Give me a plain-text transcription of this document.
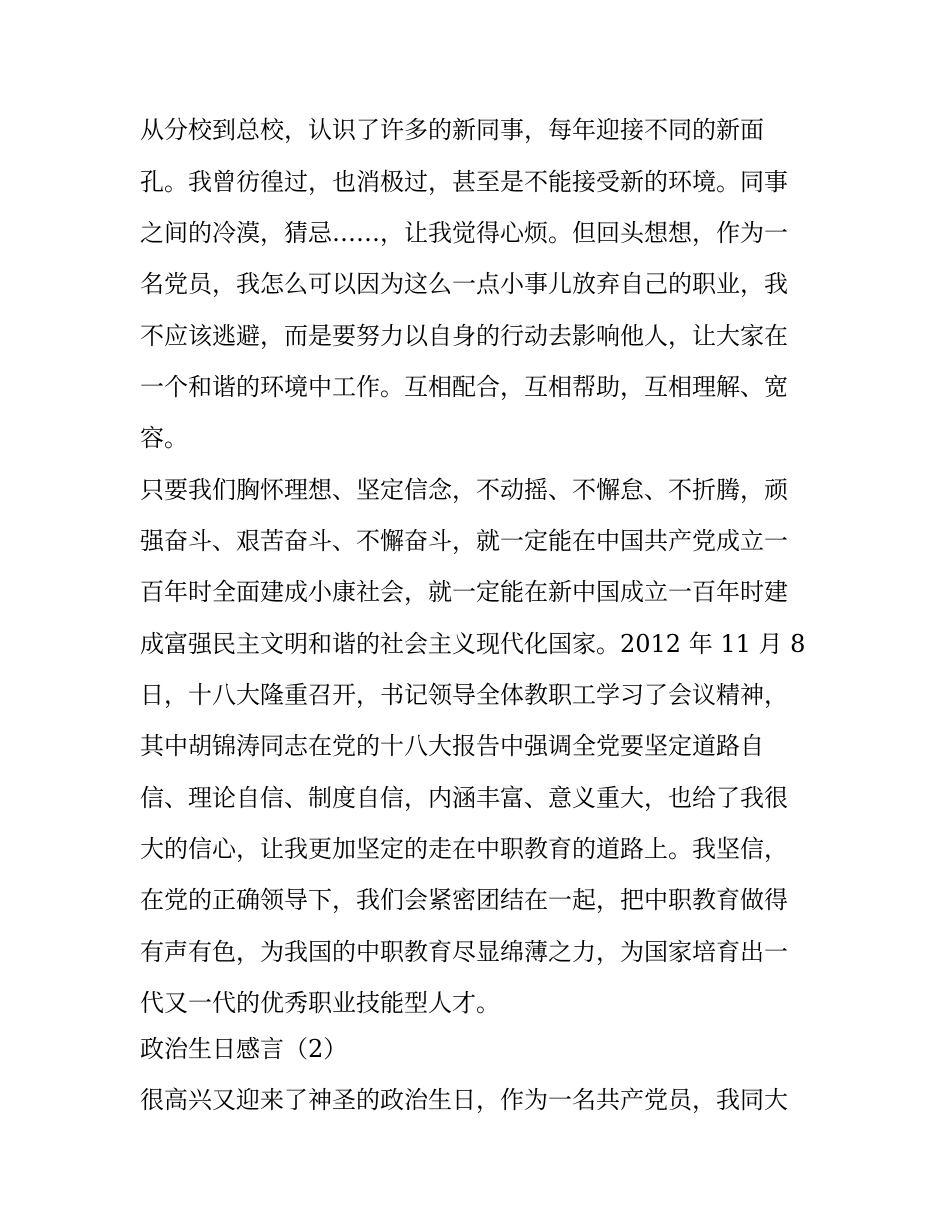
从分校到总校，认识了许多的新同事，每年迎接不同的新面
孔。我曾彷徨过，也消极过，甚至是不能接受新的环境。同事
之间的冷漠，猜忌……，让我觉得心烦。但回头想想，作为一
名党员，我怎么可以因为这么一点小事儿放弃自己的职业，我
不应该逃避，而是要努力以自身的行动去影响他人，让大家在
一个和谐的环境中工作。互相配合，互相帮助，互相理解、宽
容。
只要我们胸怀理想、坚定信念，不动摇、不懈怠、不折腾，顽
强奋斗、艰苦奋斗、不懈奋斗，就一定能在中国共产党成立一
百年时全面建成小康社会，就一定能在新中国成立一百年时建
成富强民主文明和谐的社会主义现代化国家。2012 年 11 月 8
日，十八大隆重召开，书记领导全体教职工学习了会议精神，
其中胡锦涛同志在党的十八大报告中强调全党要坚定道路自
信、理论自信、制度自信，内涵丰富、意义重大，也给了我很
大的信心，让我更加坚定的走在中职教育的道路上。我坚信，
在党的正确领导下，我们会紧密团结在一起，把中职教育做得
有声有色，为我国的中职教育尽显绵薄之力，为国家培育出一
代又一代的优秀职业技能型人才。
政治生日感言（2）
很高兴又迎来了神圣的政治生日，作为一名共产党员，我同大
